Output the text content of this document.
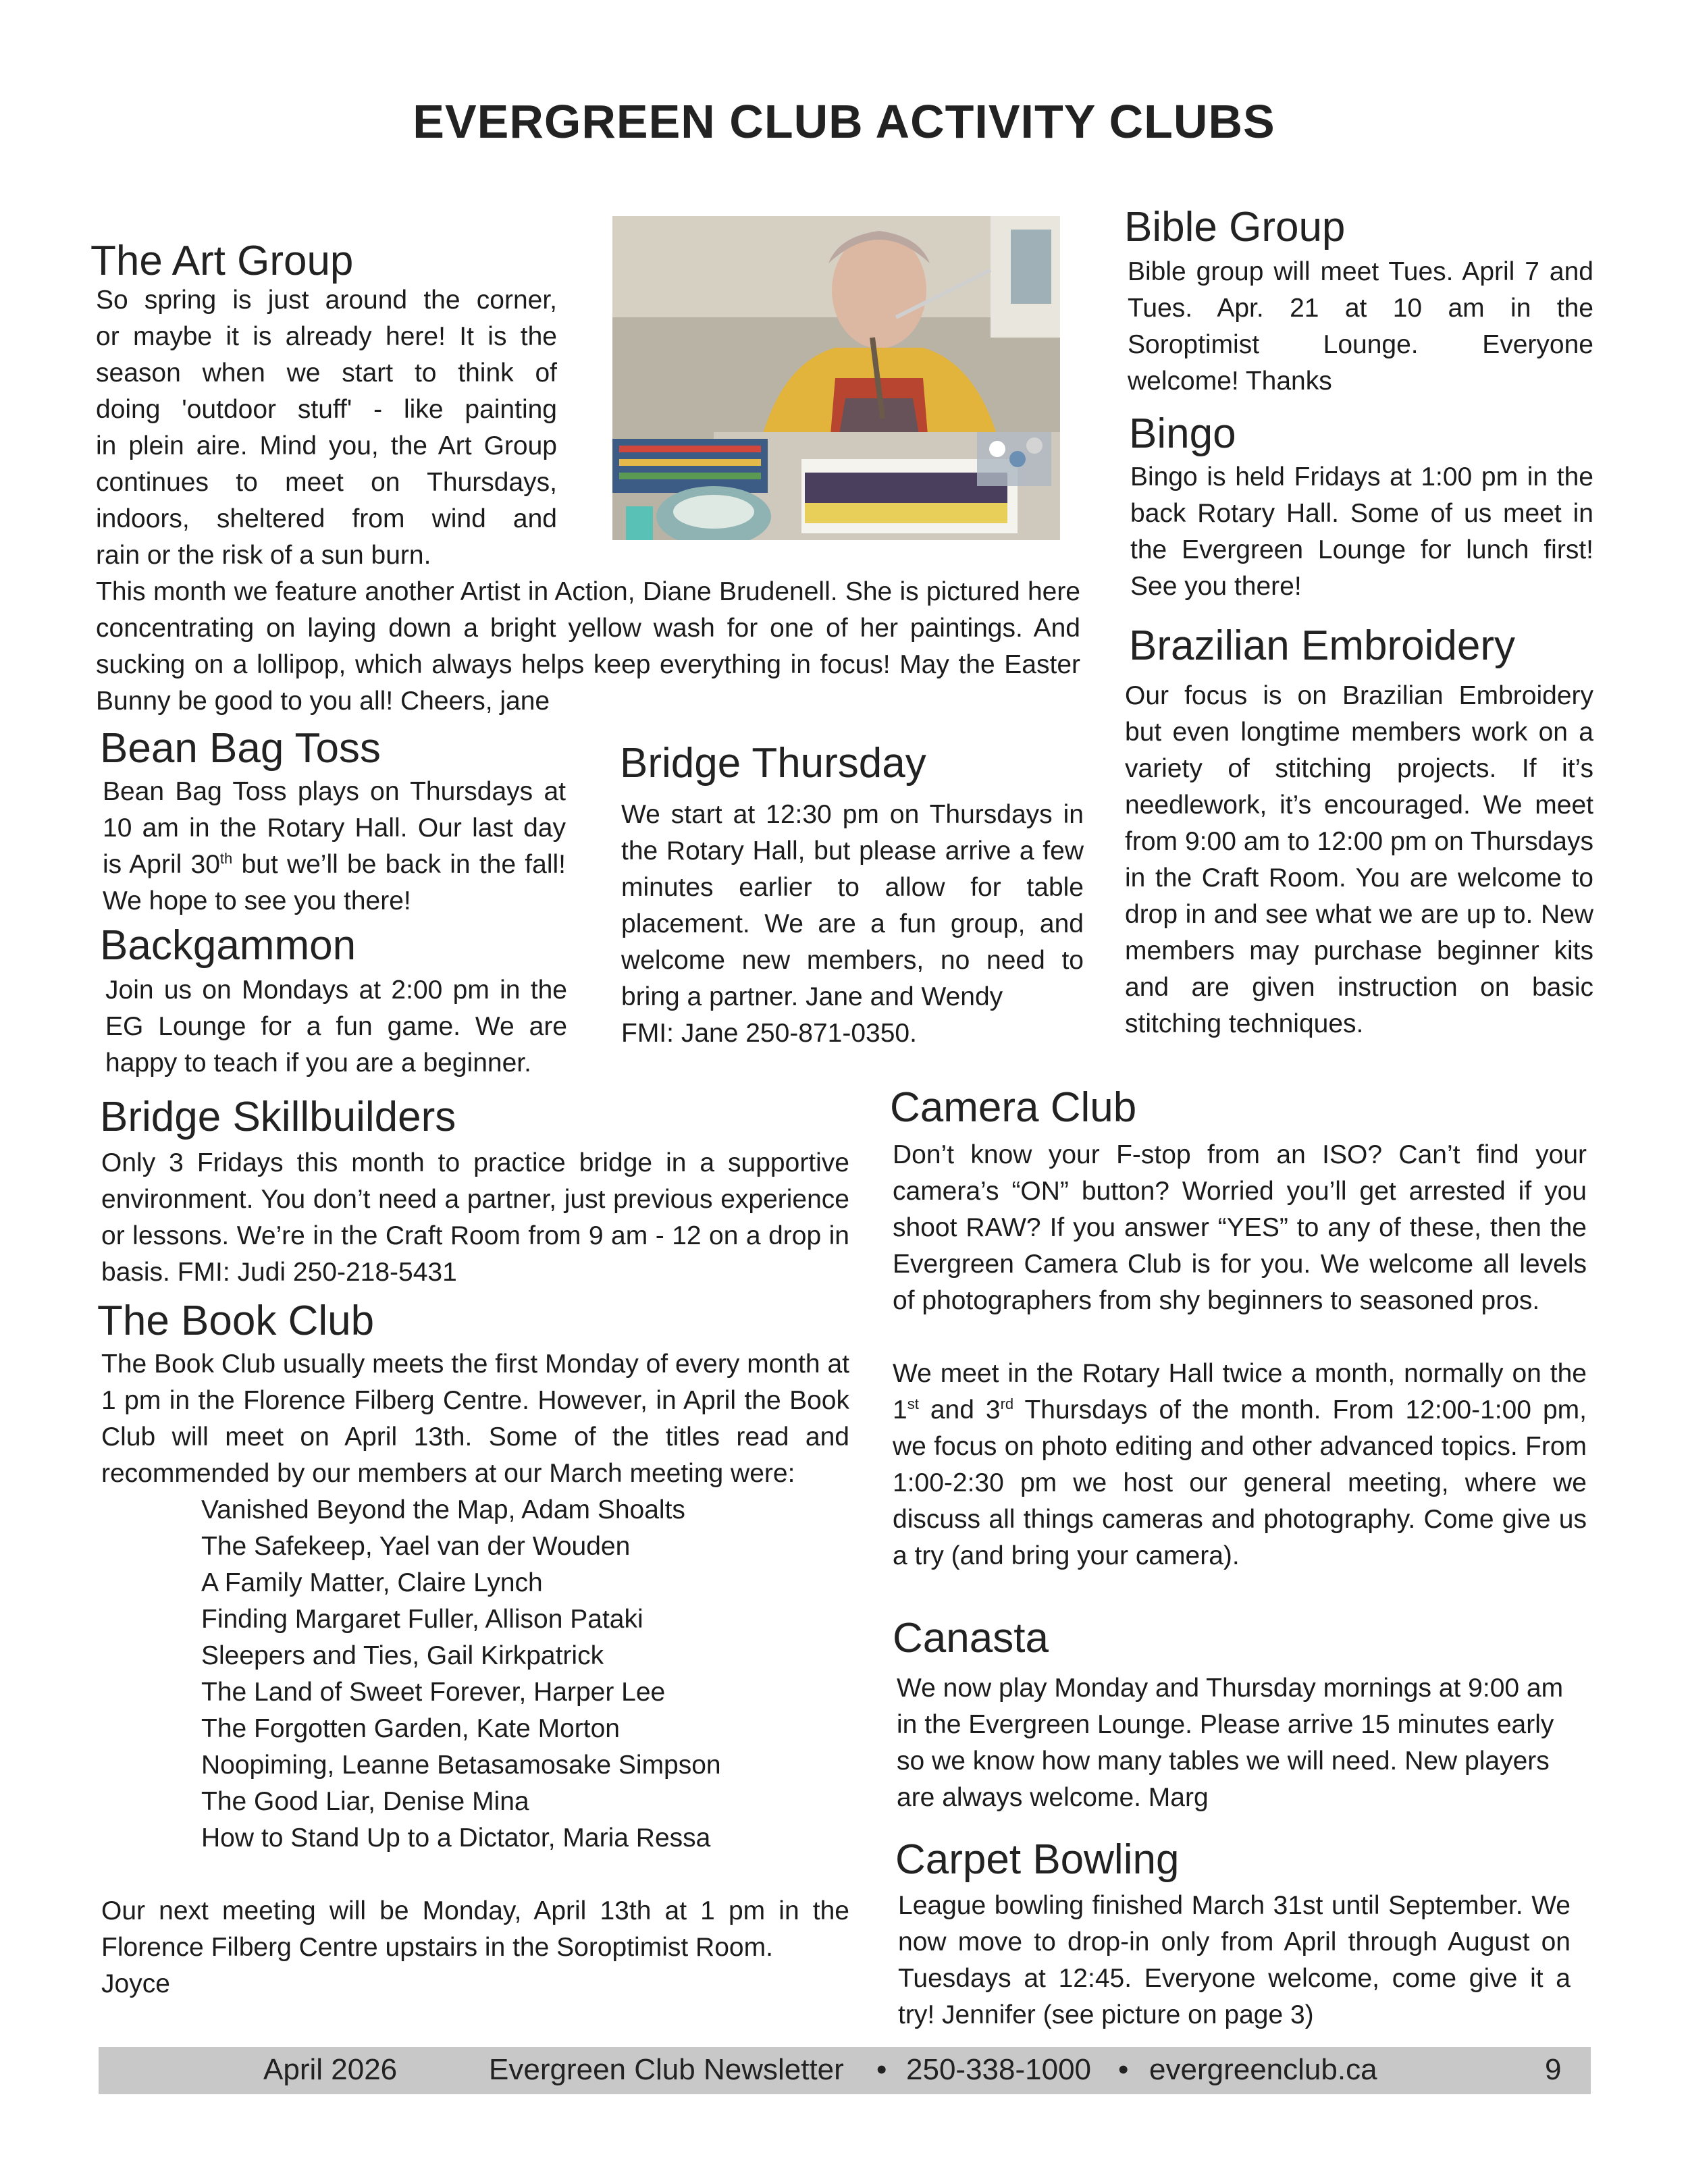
EVERGREEN CLUB ACTIVITY CLUBS
The Art Group

So spring is just around the corner,

or maybe it is already here! It is the

season when we start to think of

doing 'outdoor stuff' - like painting

in plein aire. Mind you, the Art Group

continues to meet on Thursdays,

indoors, sheltered from wind and

rain or the risk of a sun burn.

This month we feature another Artist in Action, Diane Brudenell. She is pictured here concentrating on laying down a bright yellow wash for one of her paintings. And sucking on a lollipop, which always helps keep everything in focus! May the Easter Bunny be good to you all! Cheers, jane
Bible Group
Bible group will meet Tues. April 7 and Tues. Apr. 21 at 10 am in the Soroptimist Lounge. Everyone welcome! Thanks
Bingo
Bingo is held Fridays at 1:00 pm in the back Rotary Hall. Some of us meet in the Evergreen Lounge for lunch first! See you there!
Brazilian Embroidery
Our focus is on Brazilian Embroidery but even longtime members work on a variety of stitching projects. If it’s needlework, it’s encouraged. We meet from 9:00 am to 12:00 pm on Thursdays in the Craft Room. You are welcome to drop in and see what we are up to. New members may purchase beginner kits and are given instruction on basic stitching techniques.
Bean Bag Toss
Bean Bag Toss plays on Thursdays at 10 am in the Rotary Hall. Our last day is April 30th but we’ll be back in the fall! We hope to see you there!
Bridge Thursday

We start at 12:30 pm on Thursdays in the Rotary Hall, but please arrive a few minutes earlier to allow for table placement. We are a fun group, and welcome new members, no need to bring a partner. Jane and Wendy

FMI: Jane 250-871-0350.

Backgammon
Join us on Mondays at 2:00 pm in the EG Lounge for a fun game. We are happy to teach if you are a beginner.
Bridge Skillbuilders
Only 3 Fridays this month to practice bridge in a supportive environment. You don’t need a partner, just previous experience or lessons. We’re in the Craft Room from 9 am - 12 on a drop in basis. FMI: Judi 250-218-5431
The Book Club

The Book Club usually meets the first Monday of every month at 1 pm in the Florence Filberg Centre. However, in April the Book Club will meet on April 13th. Some of the titles read and recommended by our members at our March meeting were:

Vanished Beyond the Map, Adam Shoalts
The Safekeep, Yael van der Wouden
A Family Matter, Claire Lynch
Finding Margaret Fuller, Allison Pataki
Sleepers and Ties, Gail Kirkpatrick
The Land of Sweet Forever, Harper Lee
The Forgotten Garden, Kate Morton
Noopiming, Leanne Betasamosake Simpson
The Good Liar, Denise Mina
How to Stand Up to a Dictator, Maria Ressa

Our next meeting will be Monday, April 13th at 1 pm in the Florence Filberg Centre upstairs in the Soroptimist Room.

Joyce

Camera Club

Don’t know your F-stop from an ISO? Can’t find your camera’s “ON” button? Worried you’ll get arrested if you shoot RAW? If you answer “YES” to any of these, then the Evergreen Camera Club is for you. We welcome all levels of photographers from shy beginners to seasoned pros.

We meet in the Rotary Hall twice a month, normally on the 1st and 3rd Thursdays of the month. From 12:00-1:00 pm, we focus on photo editing and other advanced topics. From 1:00-2:30 pm we host our general meeting, where we discuss all things cameras and photography. Come give us a try (and bring your camera).

Canasta
We now play Monday and Thursday mornings at 9:00 am in the Evergreen Lounge. Please arrive 15 minutes early so we know how many tables we will need. New players are always welcome. Marg
Carpet Bowling
League bowling finished March 31st until September. We now move to drop-in only from April through August on Tuesdays at 12:45. Everyone welcome, come give it a try! Jennifer (see picture on page 3)
April 2026	Evergreen Club Newsletter • 250-338-1000 • evergreenclub.ca	9
